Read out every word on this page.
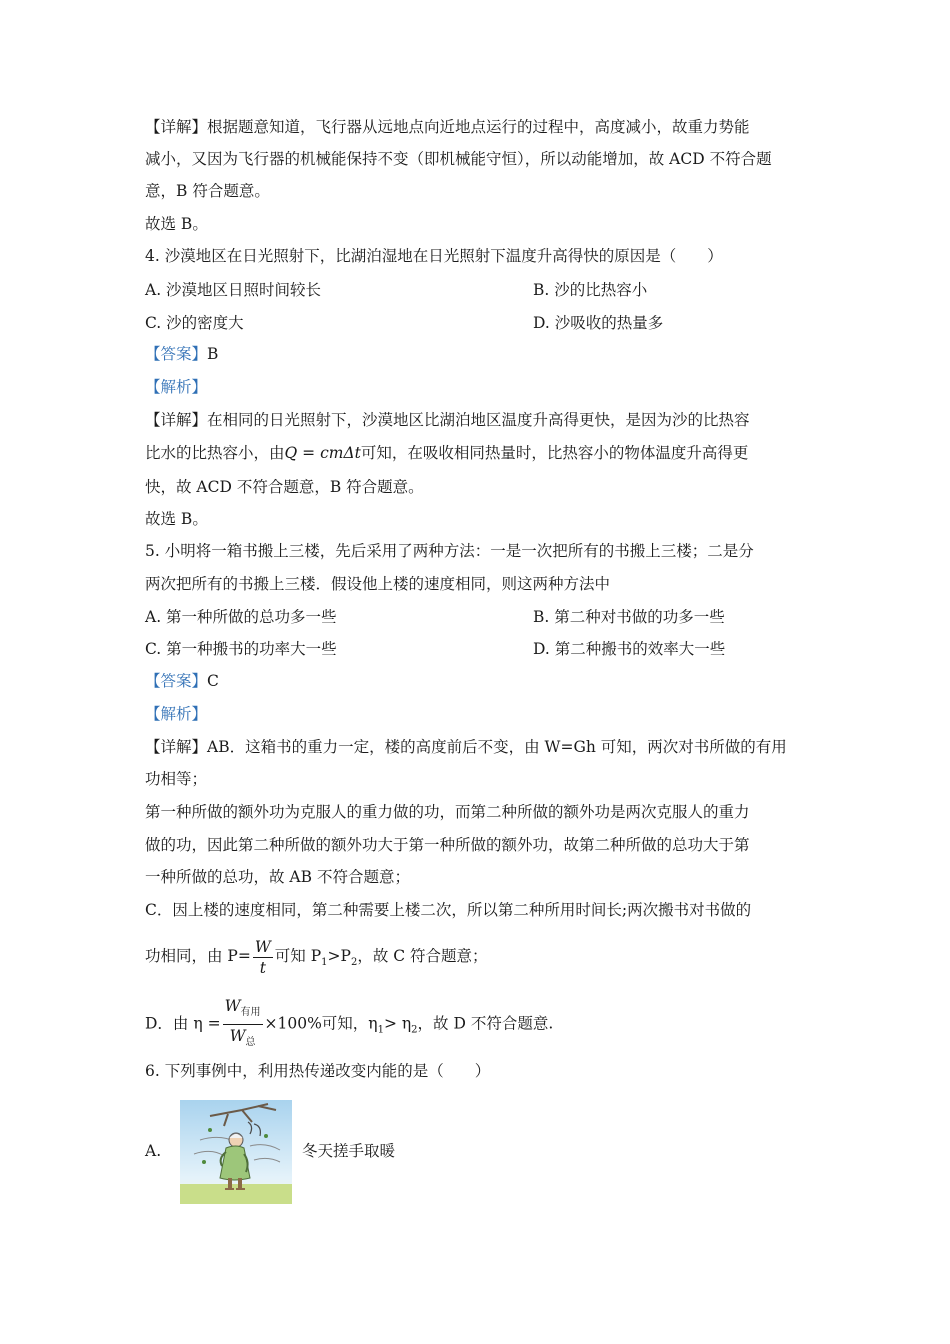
【详解】根据题意知道，飞行器从远地点向近地点运行的过程中，高度减小，故重力势能
减小，又因为飞行器的机械能保持不变（即机械能守恒），所以动能增加，故 ACD 不符合题
意，B 符合题意。
故选 B。
4. 沙漠地区在日光照射下，比湖泊湿地在日光照射下温度升高得快的原因是（　　）
A. 沙漠地区日照时间较长	B. 沙的比热容小
C. 沙的密度大	D. 沙吸收的热量多
【答案】B
【解析】
【详解】在相同的日光照射下，沙漠地区比湖泊地区温度升高得更快，是因为沙的比热容
比水的比热容小，由Q = cmΔt可知，在吸收相同热量时，比热容小的物体温度升高得更
快，故 ACD 不符合题意，B 符合题意。
故选 B。
5. 小明将一箱书搬上三楼，先后采用了两种方法：一是一次把所有的书搬上三楼；二是分
两次把所有的书搬上三楼．假设他上楼的速度相同，则这两种方法中
A. 第一种所做的总功多一些	B. 第二种对书做的功多一些
C. 第一种搬书的功率大一些	D. 第二种搬书的效率大一些
【答案】C
【解析】
【详解】AB．这箱书的重力一定，楼的高度前后不变，由 W=Gh 可知，两次对书所做的有用
功相等；
第一种所做的额外功为克服人的重力做的功，而第二种所做的额外功是两次克服人的重力
做的功，因此第二种所做的额外功大于第一种所做的额外功，故第二种所做的总功大于第
一种所做的总功，故 AB 不符合题意；
C．因上楼的速度相同，第二种需要上楼二次，所以第二种所用时间长;两次搬书对书做的
功相同，由 $P= \frac{W}{t}$ 可知 $P_1>P_2$，故 C 符合题意；
D．由 $\eta = \frac{W_{有用}}{W_总} \times 100\%$可知，$\eta_1> \eta_2$，故 D 不符合题意.
6. 下列事例中，利用热传递改变内能的是（　　）
A.	冬天搓手取暖
